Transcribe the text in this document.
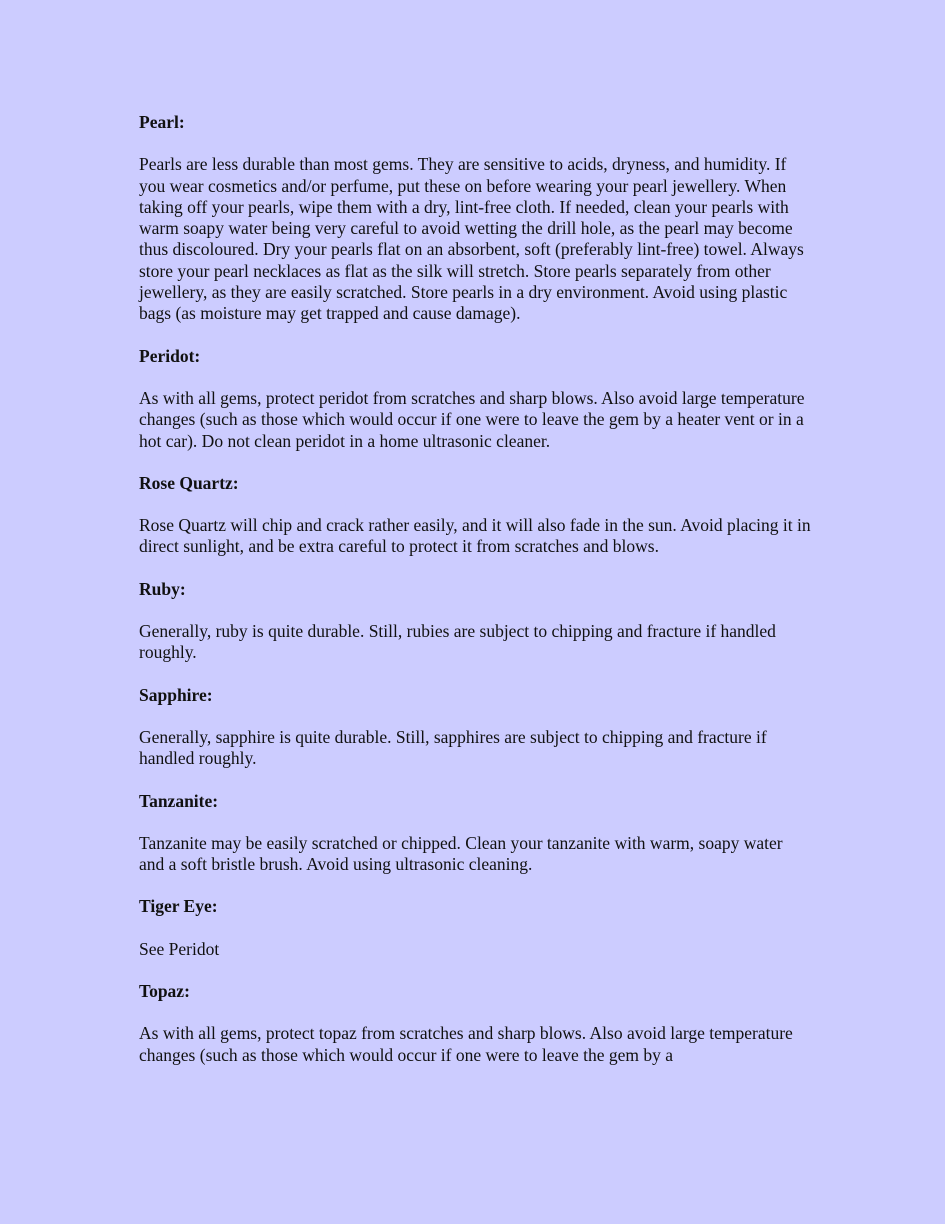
Pearl:

Pearls are less durable than most gems. They are sensitive to acids, dryness, and humidity. If you wear cosmetics and/or perfume, put these on before wearing your pearl jewellery. When taking off your pearls, wipe them with a dry, lint-free cloth. If needed, clean your pearls with warm soapy water being very careful to avoid wetting the drill hole, as the pearl may become thus discoloured. Dry your pearls flat on an absorbent, soft (preferably lint-free) towel. Always store your pearl necklaces as flat as the silk will stretch. Store pearls separately from other jewellery, as they are easily scratched. Store pearls in a dry environment. Avoid using plastic bags (as moisture may get trapped and cause damage).

Peridot:

As with all gems, protect peridot from scratches and sharp blows. Also avoid large temperature changes (such as those which would occur if one were to leave the gem by a heater vent or in a hot car). Do not clean peridot in a home ultrasonic cleaner.

Rose Quartz:

Rose Quartz will chip and crack rather easily, and it will also fade in the sun. Avoid placing it in direct sunlight, and be extra careful to protect it from scratches and blows.

Ruby:

Generally, ruby is quite durable. Still, rubies are subject to chipping and fracture if handled roughly.

Sapphire:

Generally, sapphire is quite durable. Still, sapphires are subject to chipping and fracture if handled roughly.

Tanzanite:

Tanzanite may be easily scratched or chipped. Clean your tanzanite with warm, soapy water and a soft bristle brush. Avoid using ultrasonic cleaning.

Tiger Eye:

See Peridot

Topaz:

As with all gems, protect topaz from scratches and sharp blows. Also avoid large temperature changes (such as those which would occur if one were to leave the gem by a
